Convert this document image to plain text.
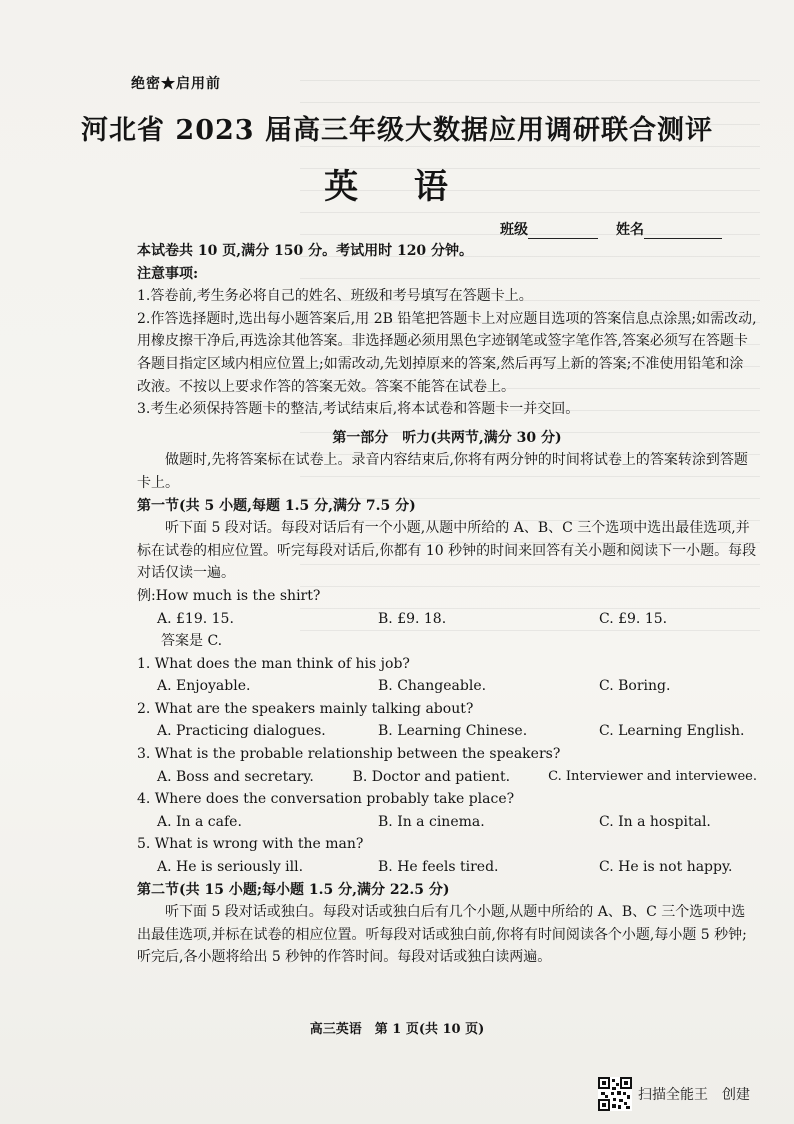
绝密★启用前
河北省 2023 届高三年级大数据应用调研联合测评
英 语
班级	姓名
本试卷共 10 页,满分 150 分。考试用时 120 分钟。
注意事项:
1.答卷前,考生务必将自己的姓名、班级和考号填写在答题卡上。
2.作答选择题时,选出每小题答案后,用 2B 铅笔把答题卡上对应题目选项的答案信息点涂黑;如需改动,用橡皮擦干净后,再选涂其他答案。非选择题必须用黑色字迹钢笔或签字笔作答,答案必须写在答题卡各题目指定区域内相应位置上;如需改动,先划掉原来的答案,然后再写上新的答案;不准使用铅笔和涂改液。不按以上要求作答的答案无效。答案不能答在试卷上。
3.考生必须保持答题卡的整洁,考试结束后,将本试卷和答题卡一并交回。
第一部分　听力(共两节,满分 30 分)
做题时,先将答案标在试卷上。录音内容结束后,你将有两分钟的时间将试卷上的答案转涂到答题卡上。
第一节(共 5 小题,每题 1.5 分,满分 7.5 分)
听下面 5 段对话。每段对话后有一个小题,从题中所给的 A、B、C 三个选项中选出最佳选项,并标在试卷的相应位置。听完每段对话后,你都有 10 秒钟的时间来回答有关小题和阅读下一小题。每段对话仅读一遍。
例:How much is the shirt?
A. £19. 15.	B. £9. 18.	C. £9. 15.
答案是 C.
1. What does the man think of his job?
A. Enjoyable.	B. Changeable.	C. Boring.
2. What are the speakers mainly talking about?
A. Practicing dialogues.	B. Learning Chinese.	C. Learning English.
3. What is the probable relationship between the speakers?
A. Boss and secretary.	B. Doctor and patient.	C. Interviewer and interviewee.
4. Where does the conversation probably take place?
A. In a cafe.	B. In a cinema.	C. In a hospital.
5. What is wrong with the man?
A. He is seriously ill.	B. He feels tired.	C. He is not happy.
第二节(共 15 小题;每小题 1.5 分,满分 22.5 分)
听下面 5 段对话或独白。每段对话或独白后有几个小题,从题中所给的 A、B、C 三个选项中选出最佳选项,并标在试卷的相应位置。听每段对话或独白前,你将有时间阅读各个小题,每小题 5 秒钟;听完后,各小题将给出 5 秒钟的作答时间。每段对话或独白读两遍。
高三英语　第 1 页(共 10 页)
扫描全能王　创建
